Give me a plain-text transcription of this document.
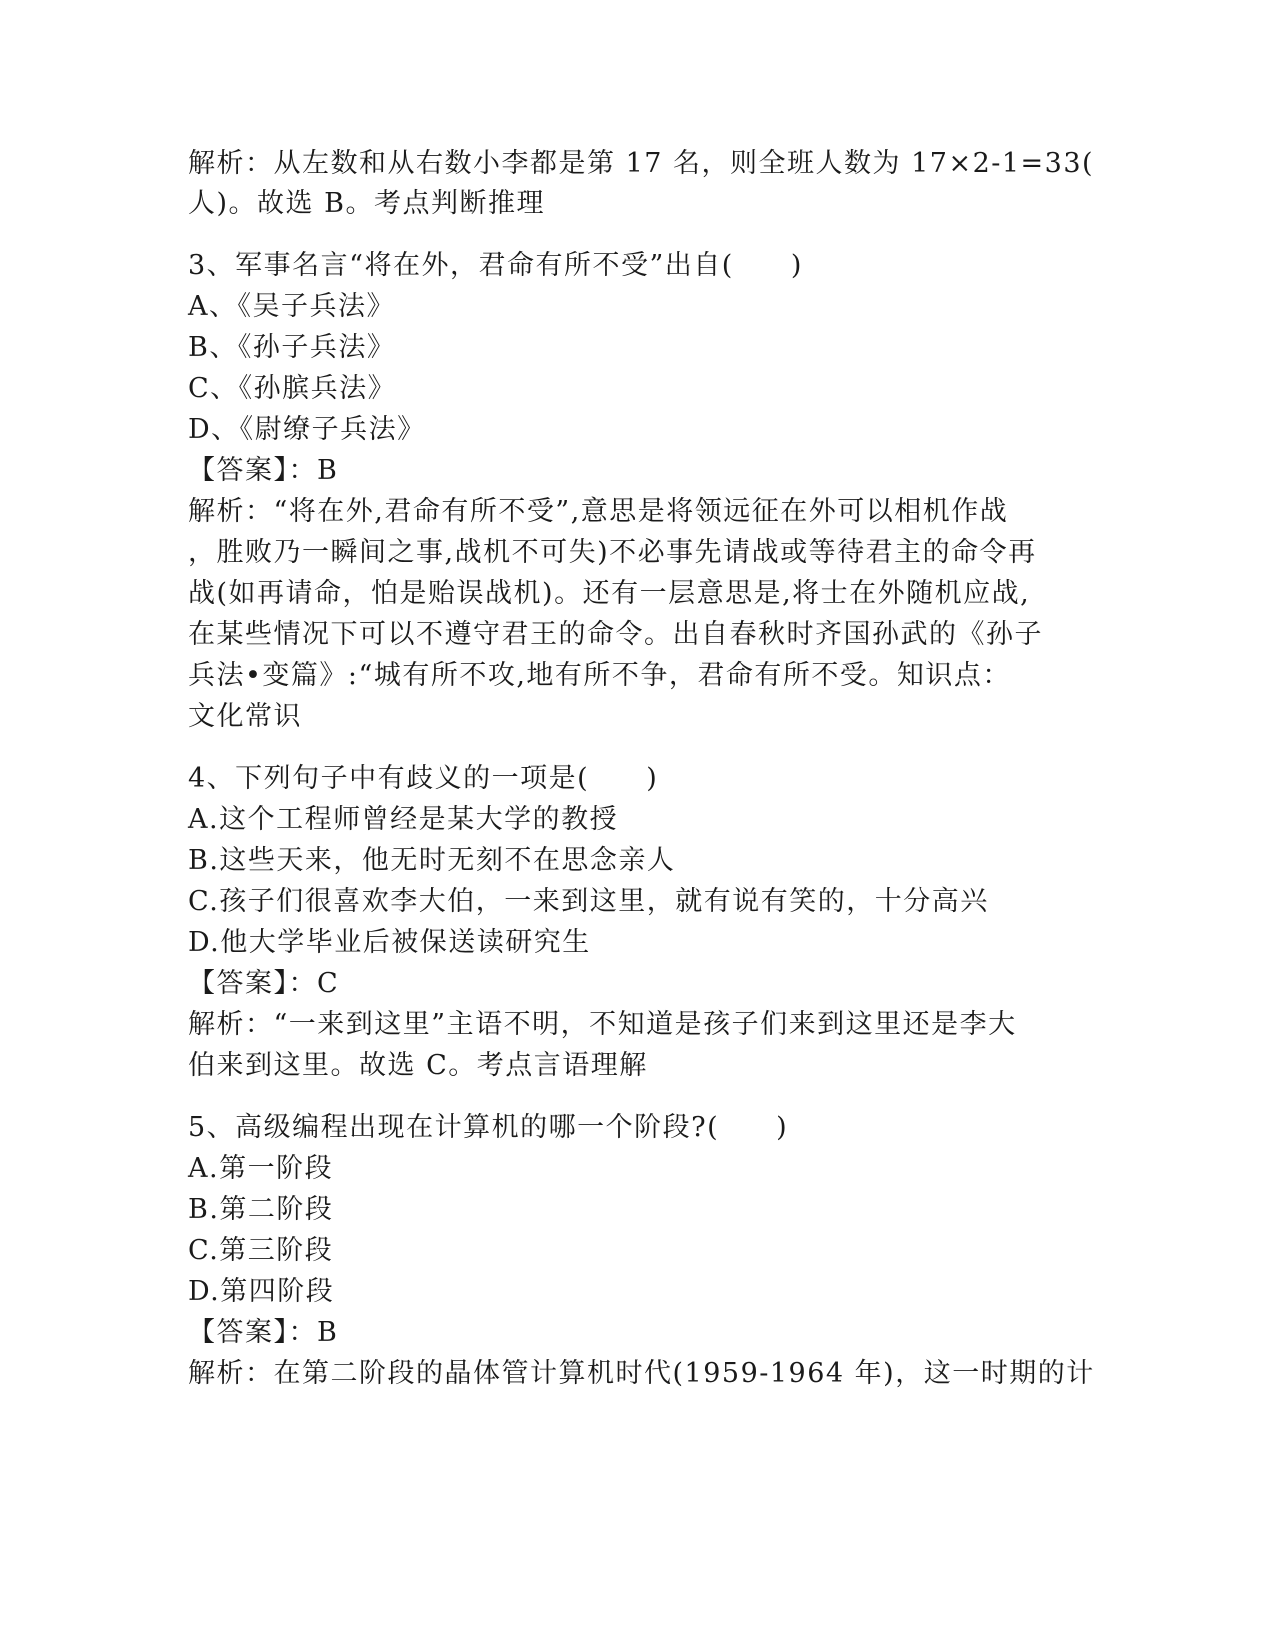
解析：从左数和从右数小李都是第 17 名，则全班人数为 17×2-1=33(
人)。故选 B。考点判断推理
3、军事名言“将在外，君命有所不受”出自(　　)
A、《吴子兵法》
B、《孙子兵法》
C、《孙膑兵法》
D、《尉缭子兵法》
【答案】：B
解析：“将在外,君命有所不受”,意思是将领远征在外可以相机作战
，胜败乃一瞬间之事,战机不可失)不必事先请战或等待君主的命令再
战(如再请命，怕是贻误战机)。还有一层意思是,将士在外随机应战,
在某些情况下可以不遵守君王的命令。出自春秋时齐国孙武的《孙子
兵法•变篇》:“城有所不攻,地有所不争，君命有所不受。知识点：
文化常识
4、下列句子中有歧义的一项是(　　)
A.这个工程师曾经是某大学的教授
B.这些天来，他无时无刻不在思念亲人
C.孩子们很喜欢李大伯，一来到这里，就有说有笑的，十分高兴
D.他大学毕业后被保送读研究生
【答案】：C
解析：“一来到这里”主语不明，不知道是孩子们来到这里还是李大
伯来到这里。故选 C。考点言语理解
5、高级编程出现在计算机的哪一个阶段?(　　)
A.第一阶段
B.第二阶段
C.第三阶段
D.第四阶段
【答案】：B
解析：在第二阶段的晶体管计算机时代(1959-1964 年)，这一时期的计
